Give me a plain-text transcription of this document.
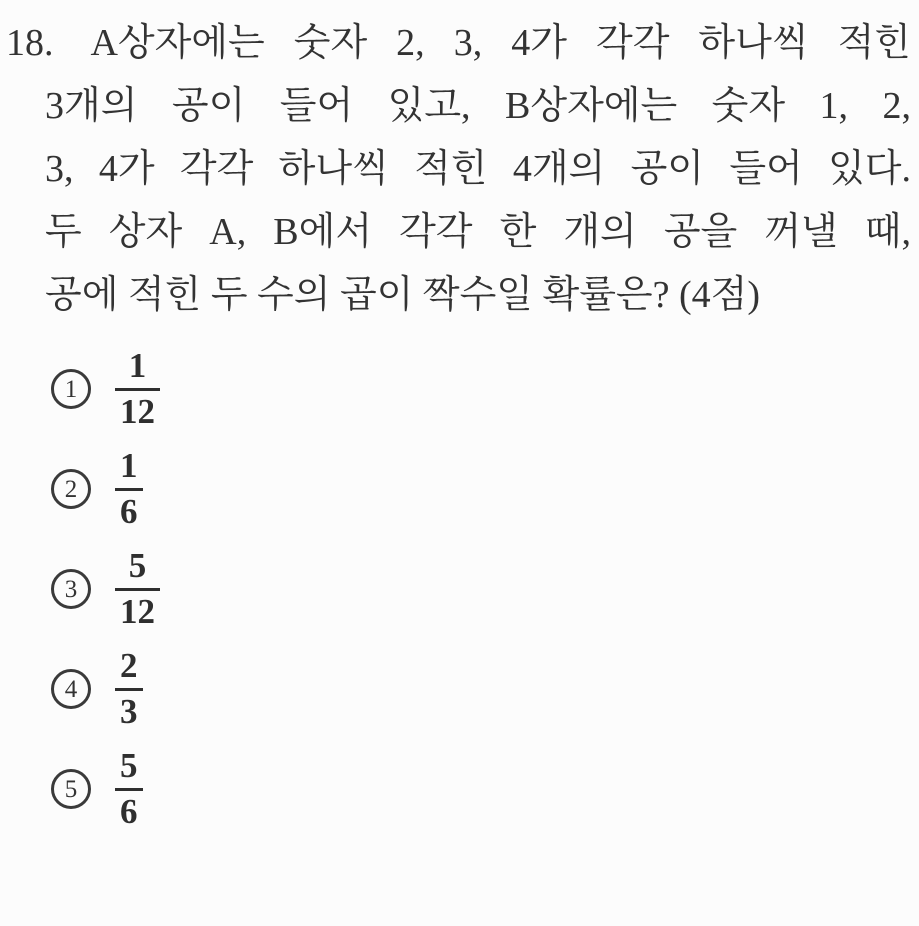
18. A상자에는 숫자 2, 3, 4가 각각 하나씩 적힌
3개의 공이 들어 있고, B상자에는 숫자 1, 2,
3, 4가 각각 하나씩 적힌 4개의 공이 들어 있다.
두 상자 A, B에서 각각 한 개의 공을 꺼낼 때,
공에 적힌 두 수의 곱이 짝수일 확률은? (4점)
$1 \frac{1}{12}$
$2 \frac{1}{6}$
$3 \frac{5}{12}$
$4 \frac{2}{3}$
$5 \frac{5}{6}$
